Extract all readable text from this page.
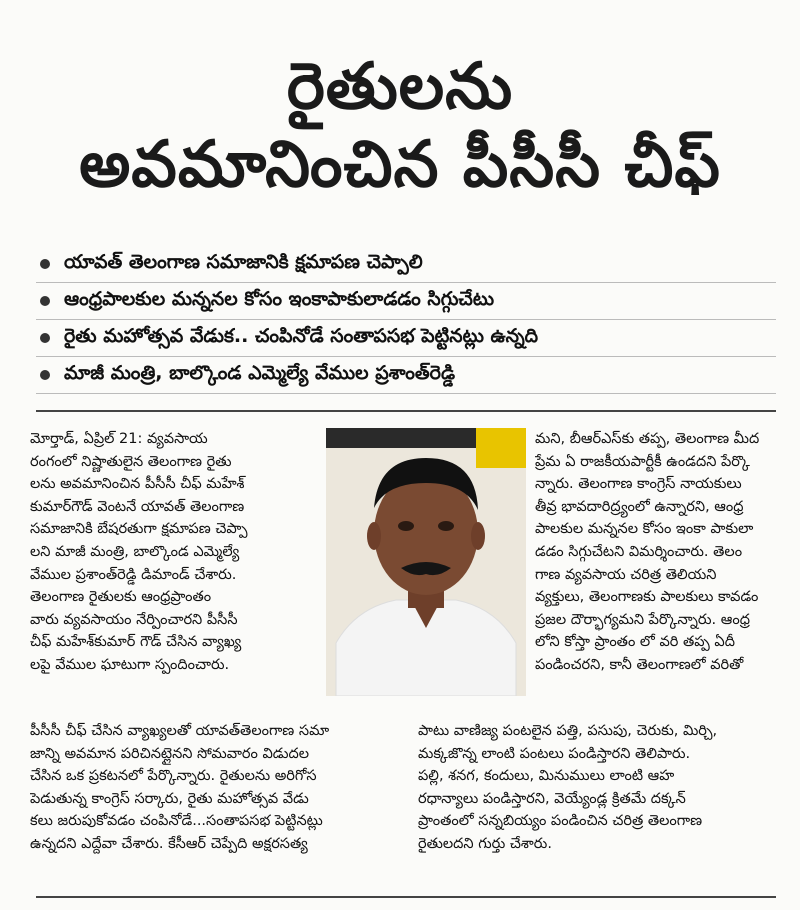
రైతులను
అవమానించిన పీసీసీ చీఫ్
యావత్ తెలంగాణ సమాజానికి క్షమాపణ చెప్పాలి
ఆంధ్రపాలకుల మన్ననల కోసం ఇంకాపాకులాడడం సిగ్గుచేటు
రైతు మహోత్సవ వేడుక.. చంపినోడే సంతాపసభ పెట్టినట్లు ఉన్నది
మాజీ మంత్రి, బాల్కొండ ఎమ్మెల్యే వేముల ప్రశాంత్‌రెడ్డి
మోర్తాడ్, ఏప్రిల్ 21: వ్యవసాయ
రంగంలో నిష్ణాతులైన తెలంగాణ రైతు
లను అవమానించిన పీసీసీ చీఫ్ మహేశ్
కుమార్‌గౌడ్ వెంటనే యావత్ తెలంగాణ
సమాజానికి బేషరతుగా క్షమాపణ చెప్పా
లని మాజీ మంత్రి, బాల్కొండ ఎమ్మెల్యే
వేముల ప్రశాంత్‌రెడ్డి డిమాండ్ చేశారు.
తెలంగాణ రైతులకు ఆంధ్రప్రాంతం
వారు వ్యవసాయం నేర్పించారని పీసీసీ
చీఫ్ మహేశ్‌కుమార్ గౌడ్ చేసిన వ్యాఖ్య
లపై వేముల ఘాటుగా స్పందించారు.
మని, బీఆర్ఎస్‌కు తప్ప, తెలంగాణ మీద
ప్రేమ ఏ రాజకీయపార్టీకీ ఉండదని పేర్కొ
న్నారు. తెలంగాణ కాంగ్రెస్ నాయకులు
తీవ్ర భావదారిద్ర్యంలో ఉన్నారని, ఆంధ్ర
పాలకుల మన్ననల కోసం ఇంకా పాకులా
డడం సిగ్గుచేటని విమర్శించారు. తెలం
గాణ వ్యవసాయ చరిత్ర తెలియని
వ్యక్తులు, తెలంగాణకు పాలకులు కావడం
ప్రజల దౌర్భాగ్యమని పేర్కొన్నారు. ఆంధ్ర
లోని కోస్తా ప్రాంతం లో వరి తప్ప ఏదీ
పండించరని, కానీ తెలంగాణలో వరితో
పీసీసీ చీఫ్ చేసిన వ్యాఖ్యలతో యావత్‌తెలంగాణ సమా
జాన్ని అవమాన పరిచినట్లైనని సోమవారం విడుదల
చేసిన ఒక ప్రకటనలో పేర్కొన్నారు. రైతులను అరిగోస
పెడుతున్న కాంగ్రెస్ సర్కారు, రైతు మహోత్సవ వేడు
కలు జరుపుకోవడం చంపినోడే...సంతాపసభ పెట్టినట్లు
ఉన్నదని ఎద్దేవా చేశారు. కేసీఆర్ చెప్పేది అక్షరసత్య
పాటు వాణిజ్య పంటలైన పత్తి, పసుపు, చెరుకు, మిర్చి,
మక్కజొన్న లాంటి పంటలు పండిస్తారని తెలిపారు.
పల్లి, శనగ, కందులు, మినుములు లాంటి ఆహ
రధాన్యాలు పండిస్తారని, వెయ్యేండ్ల క్రితమే దక్కన్
ప్రాంతంలో సన్నబియ్యం పండించిన చరిత్ర తెలంగాణ
రైతులదని గుర్తు చేశారు.
